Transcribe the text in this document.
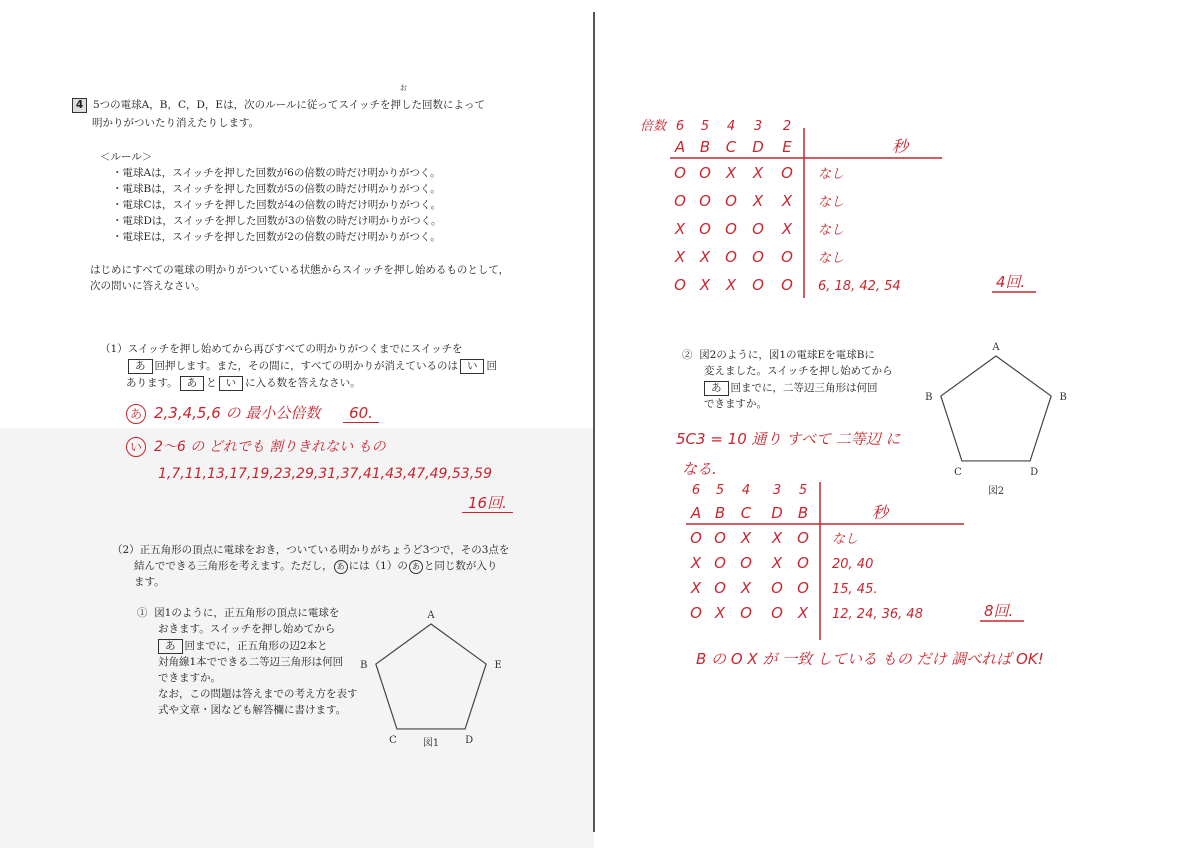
4 5つの電球A，B，C，D，Eは，次のルールに従ってスイッチを押した回数によって
お
明かりがついたり消えたりします。
＜ルール＞
・電球Aは，スイッチを押した回数が6の倍数の時だけ明かりがつく。
・電球Bは，スイッチを押した回数が5の倍数の時だけ明かりがつく。
・電球Cは，スイッチを押した回数が4の倍数の時だけ明かりがつく。
・電球Dは，スイッチを押した回数が3の倍数の時だけ明かりがつく。
・電球Eは，スイッチを押した回数が2の倍数の時だけ明かりがつく。
はじめにすべての電球の明かりがついている状態からスイッチを押し始めるものとして，
次の問いに答えなさい。
（1）スイッチを押し始めてから再びすべての明かりがつくまでにスイッチを
あ 回押します。また，その間に，すべての明かりが消えているのは い 回
あります。 あ と い に入る数を答えなさい。
あ 2,3,4,5,6 の 最小公倍数 60.
い 2～6 の どれでも 割りきれない もの
1,7,11,13,17,19,23,29,31,37,41,43,47,49,53,59
16回.
（2）正五角形の頂点に電球をおき，ついている明かりがちょうど3つで，その3点を
結んでできる三角形を考えます。ただし， あ には（1）の あ と同じ数が入り
ます。
① 図1のように，正五角形の頂点に電球を
おきます。スイッチを押し始めてから
あ 回までに，正五角形の辺2本と
対角線1本でできる二等辺三角形は何回
できますか。
なお，この問題は答えまでの考え方を表す
式や文章・図なども解答欄に書けます。
② 図2のように，図1の電球Eを電球Bに
変えました。スイッチを押し始めてから
あ 回までに，二等辺三角形は何回
できますか。
5C3 = 10 通り すべて 二等辺 に
なる.
B の O X が 一致 している もの だけ 調べれば OK!
A
B
C	D
E
図1
A
B
C	D
B
図2
倍数 6 5 4 3 2
A B C D E	秒
O O X X O なし
O O O X X なし
X O O O X なし
X X O O O なし
O X X O O 6, 18, 42, 54	4回.
6 5 4 3 5
A B C D B	秒
O O X X O なし
X O O X O 20, 40
X O X O O 15, 45.
O X O O X 12, 24, 36, 48	8回.
